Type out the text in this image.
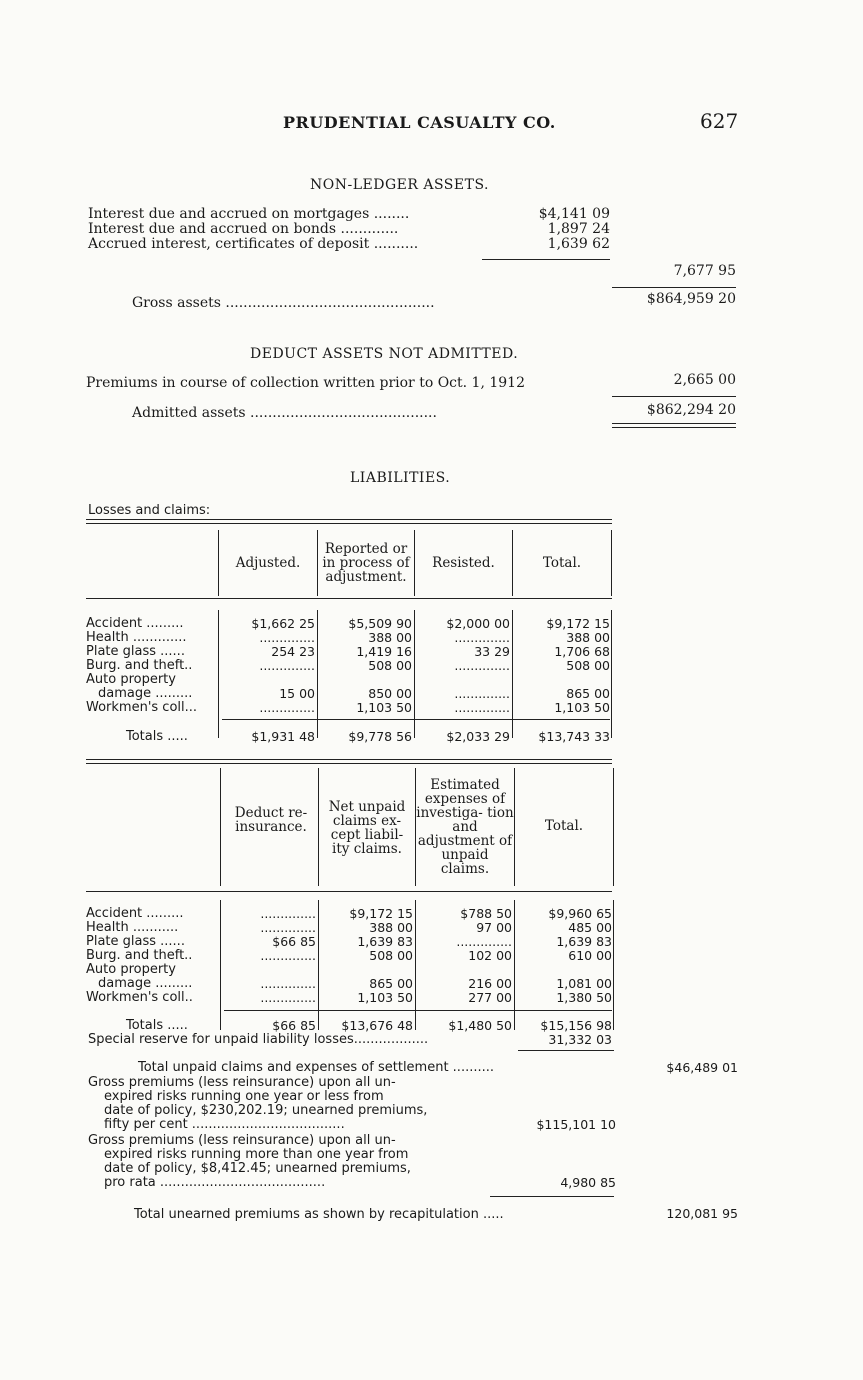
PRUDENTIAL CASUALTY CO.	627
NON-LEDGER ASSETS.
Interest due and accrued on mortgages ........	$4,141 09
Interest due and accrued on bonds .............	1,897 24
Accrued interest, certificates of deposit ..........	1,639 62
7,677 95
Gross assets ...............................................	$864,959 20
DEDUCT ASSETS NOT ADMITTED.
Premiums in course of collection written prior to Oct. 1, 1912	2,665 00
Admitted assets ..........................................	$862,294 20
LIABILITIES.
Losses and claims:
Adjusted.
Reported or in process of adjustment.
Resisted.	Total.
Accident .........	$1,662 25	$5,509 90	$2,000 00	$9,172 15
Health .............	..............	388 00	..............	388 00
Plate glass ......	254 23	1,419 16	33 29	1,706 68
Burg. and theft..	..............	508 00	..............	508 00
Auto property
damage .........	15 00	850 00	..............	865 00
Workmen's coll...	..............	1,103 50	..............	1,103 50
Totals .....	$1,931 48	$9,778 56	$2,033 29	$13,743 33
Deduct re- insurance.
Net unpaid claims ex- cept liabil- ity claims.
Estimated expenses of investiga- tion and adjustment of unpaid claims.
Total.
Accident .........	..............	$9,172 15	$788 50	$9,960 65
Health ...........	..............	388 00	97 00	485 00
Plate glass ......	$66 85	1,639 83	..............	1,639 83
Burg. and theft..	..............	508 00	102 00	610 00
Auto property
damage .........	..............	865 00	216 00	1,081 00
Workmen's coll..	..............	1,103 50	277 00	1,380 50
Totals .....	$66 85	$13,676 48	$1,480 50	$15,156 98
Special reserve for unpaid liability losses..................	31,332 03
Total unpaid claims and expenses of settlement ..........	$46,489 01
Gross premiums (less reinsurance) upon all un-
expired risks running one year or less from
date of policy, $230,202.19; unearned premiums,
fifty per cent .....................................	$115,101 10
Gross premiums (less reinsurance) upon all un-
expired risks running more than one year from
date of policy, $8,412.45; unearned premiums,
pro rata ........................................	4,980 85
Total unearned premiums as shown by recapitulation .....	120,081 95
